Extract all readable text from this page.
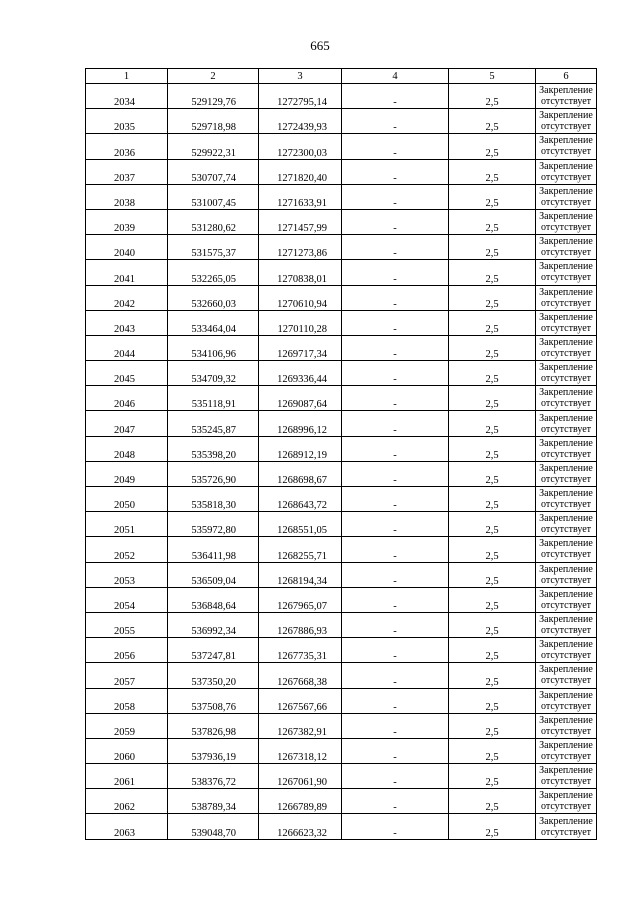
665
1	2	3	4	5	6
2034	529129,76	1272795,14	-	2,5	Закрепление отсутствует
2035	529718,98	1272439,93	-	2,5	Закрепление отсутствует
2036	529922,31	1272300,03	-	2,5	Закрепление отсутствует
2037	530707,74	1271820,40	-	2,5	Закрепление отсутствует
2038	531007,45	1271633,91	-	2,5	Закрепление отсутствует
2039	531280,62	1271457,99	-	2,5	Закрепление отсутствует
2040	531575,37	1271273,86	-	2,5	Закрепление отсутствует
2041	532265,05	1270838,01	-	2,5	Закрепление отсутствует
2042	532660,03	1270610,94	-	2,5	Закрепление отсутствует
2043	533464,04	1270110,28	-	2,5	Закрепление отсутствует
2044	534106,96	1269717,34	-	2,5	Закрепление отсутствует
2045	534709,32	1269336,44	-	2,5	Закрепление отсутствует
2046	535118,91	1269087,64	-	2,5	Закрепление отсутствует
2047	535245,87	1268996,12	-	2,5	Закрепление отсутствует
2048	535398,20	1268912,19	-	2,5	Закрепление отсутствует
2049	535726,90	1268698,67	-	2,5	Закрепление отсутствует
2050	535818,30	1268643,72	-	2,5	Закрепление отсутствует
2051	535972,80	1268551,05	-	2,5	Закрепление отсутствует
2052	536411,98	1268255,71	-	2,5	Закрепление отсутствует
2053	536509,04	1268194,34	-	2,5	Закрепление отсутствует
2054	536848,64	1267965,07	-	2,5	Закрепление отсутствует
2055	536992,34	1267886,93	-	2,5	Закрепление отсутствует
2056	537247,81	1267735,31	-	2,5	Закрепление отсутствует
2057	537350,20	1267668,38	-	2,5	Закрепление отсутствует
2058	537508,76	1267567,66	-	2,5	Закрепление отсутствует
2059	537826,98	1267382,91	-	2,5	Закрепление отсутствует
2060	537936,19	1267318,12	-	2,5	Закрепление отсутствует
2061	538376,72	1267061,90	-	2,5	Закрепление отсутствует
2062	538789,34	1266789,89	-	2,5	Закрепление отсутствует
2063	539048,70	1266623,32	-	2,5	Закрепление отсутствует
